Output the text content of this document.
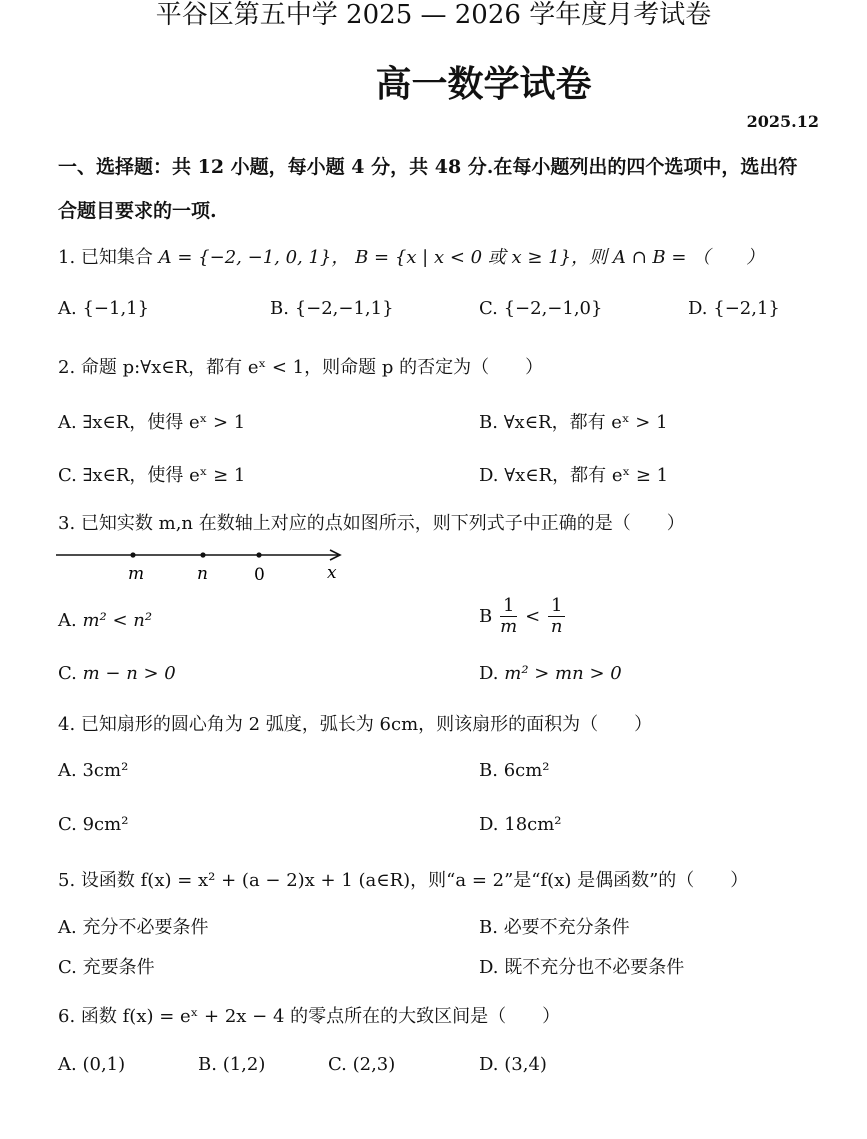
平谷区第五中学 2025 — 2026 学年度月考试卷
高一数学试卷
2025.12
一、选择题：共 12 小题，每小题 4 分，共 48 分.在每小题列出的四个选项中，选出符
合题目要求的一项.
1. 已知集合 A = {−2, −1, 0, 1}， B = {x | x < 0 或 x ≥ 1}，则 A ∩ B = （　　）
A. {−1,1}	B. {−2,−1,1}	C. {−2,−1,0}	D. {−2,1}
2. 命题 p:∀x∈R，都有 eˣ < 1，则命题 p 的否定为（　　）
A. ∃x∈R，使得 eˣ > 1	B. ∀x∈R，都有 eˣ > 1
C. ∃x∈R，使得 eˣ ≥ 1	D. ∀x∈R，都有 eˣ ≥ 1
3. 已知实数 m,n 在数轴上对应的点如图所示，则下列式子中正确的是（　　）
m	n	0	x
A. m² < n²	B $\frac{1}{m} < \frac{1}{n}$
C. m − n > 0	D. m² > mn > 0
4. 已知扇形的圆心角为 2 弧度，弧长为 6cm，则该扇形的面积为（　　）
A. 3cm²	B. 6cm²
C. 9cm²	D. 18cm²
5. 设函数 f(x) = x² + (a − 2)x + 1 (a∈R)，则“a = 2”是“f(x) 是偶函数”的（　　）
A. 充分不必要条件	B. 必要不充分条件
C. 充要条件	D. 既不充分也不必要条件
6. 函数 f(x) = eˣ + 2x − 4 的零点所在的大致区间是（　　）
A. (0,1)	B. (1,2)	C. (2,3)	D. (3,4)
